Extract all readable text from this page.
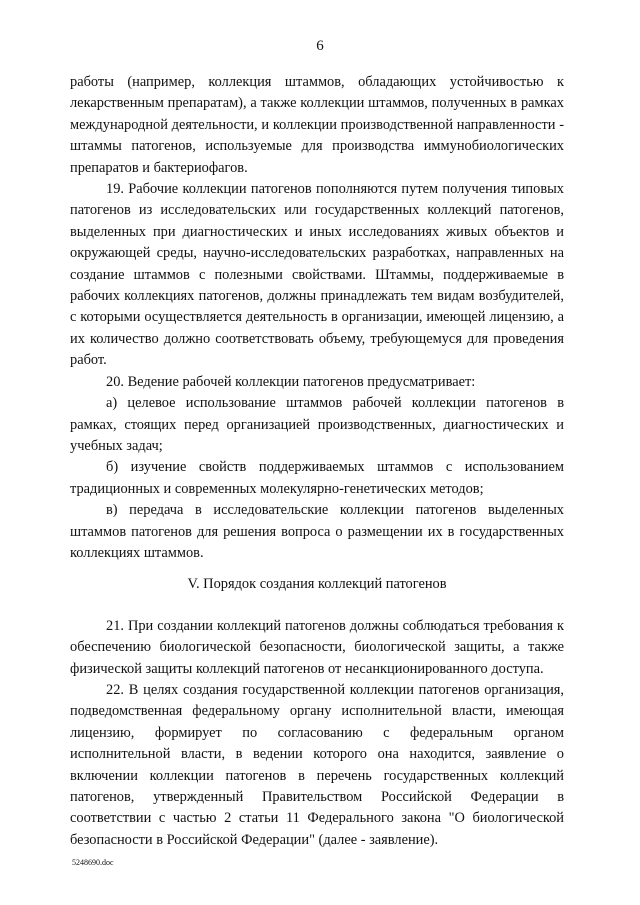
6

работы (например, коллекция штаммов, обладающих устойчивостью к лекарственным препаратам), а также коллекции штаммов, полученных в рамках международной деятельности, и коллекции производственной направленности - штаммы патогенов, используемые для производства иммунобиологических препаратов и бактериофагов.

19. Рабочие коллекции патогенов пополняются путем получения типовых патогенов из исследовательских или государственных коллекций патогенов, выделенных при диагностических и иных исследованиях живых объектов и окружающей среды, научно-исследовательских разработках, направленных на создание штаммов с полезными свойствами. Штаммы, поддерживаемые в рабочих коллекциях патогенов, должны принадлежать тем видам возбудителей, с которыми осуществляется деятельность в организации, имеющей лицензию, а их количество должно соответствовать объему, требующемуся для проведения работ.

20. Ведение рабочей коллекции патогенов предусматривает:

а) целевое использование штаммов рабочей коллекции патогенов в рамках, стоящих перед организацией производственных, диагностических и учебных задач;

б) изучение свойств поддерживаемых штаммов с использованием традиционных и современных молекулярно-генетических методов;

в) передача в исследовательские коллекции патогенов выделенных штаммов патогенов для решения вопроса о размещении их в государственных коллекциях штаммов.

V. Порядок создания коллекций патогенов

21. При создании коллекций патогенов должны соблюдаться требования к обеспечению биологической безопасности, биологической защиты, а также физической защиты коллекций патогенов от несанкционированного доступа.

22. В целях создания государственной коллекции патогенов организация, подведомственная федеральному органу исполнительной власти, имеющая лицензию, формирует по согласованию с федеральным органом исполнительной власти, в ведении которого она находится, заявление о включении коллекции патогенов в перечень государственных коллекций патогенов, утвержденный Правительством Российской Федерации в соответствии с частью 2 статьи 11 Федерального закона "О биологической безопасности в Российской Федерации" (далее - заявление).

5248690.doc
